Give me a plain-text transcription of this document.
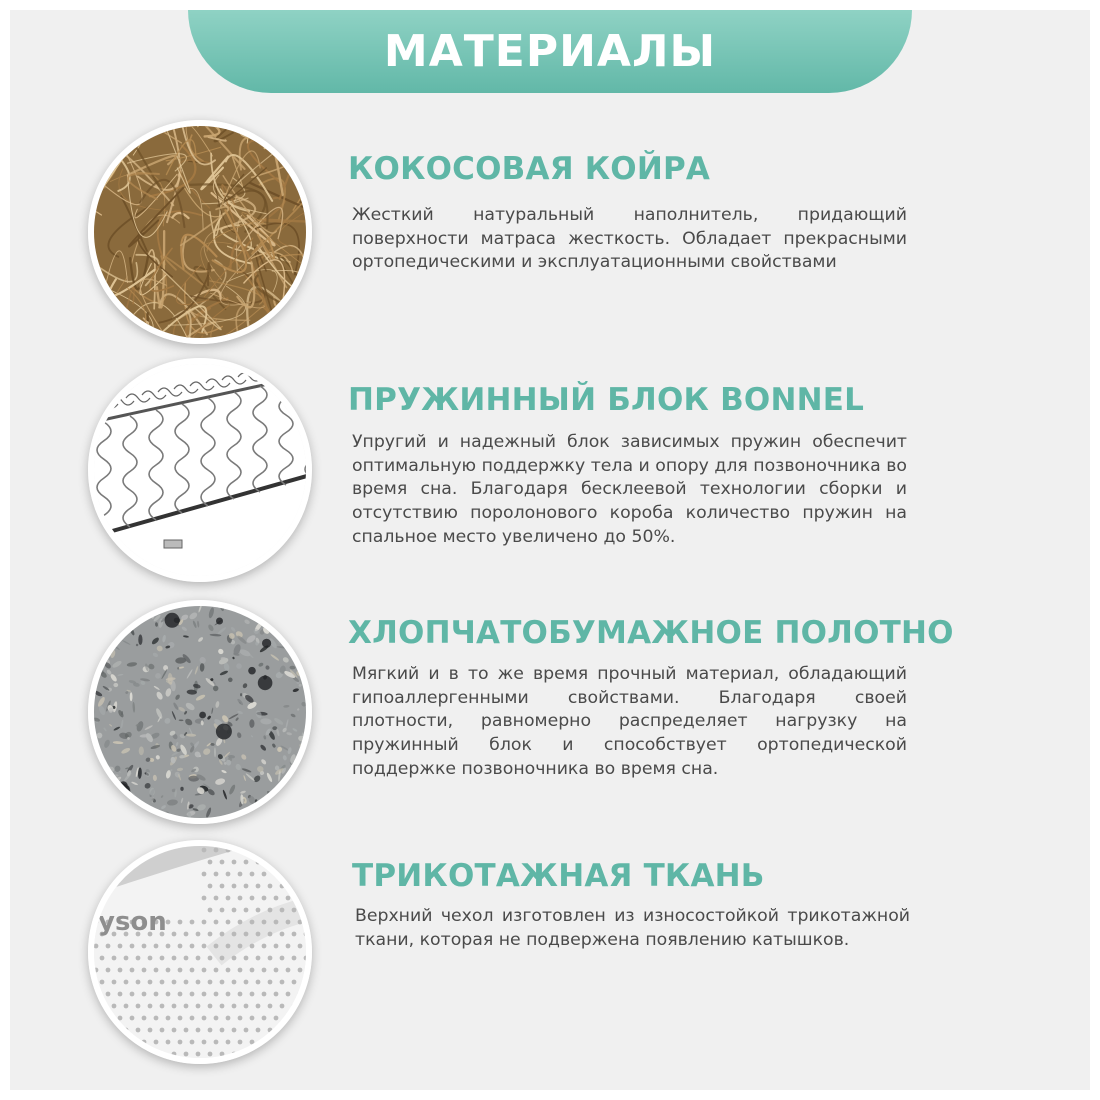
МАТЕРИАЛЫ
КОКОСОВАЯ КОЙРА

Жесткий натуральный наполнитель, придающий поверхности матраса жесткость. Обладает прекрасными ортопедическими и эксплуатационными свойствами

ПРУЖИННЫЙ БЛОК BONNEL

Упругий и надежный блок зависимых пружин обеспечит оптимальную поддержку тела и опору для позвоночника во время сна. Благодаря бесклеевой технологии сборки и отсутствию поролонового короба количество пружин на спальное место увеличено до 50%.

ХЛОПЧАТОБУМАЖНОЕ ПОЛОТНО

Мягкий и в то же время прочный материал, обладающий гипоаллергенными свойствами. Благодаря своей плотности, равномерно распределяет нагрузку на пружинный блок и способствует ортопедической поддержке позвоночника во время сна.

yson
ТРИКОТАЖНАЯ ТКАНЬ

Верхний чехол изготовлен из износостойкой трикотажной ткани, которая не подвержена появлению катышков.
